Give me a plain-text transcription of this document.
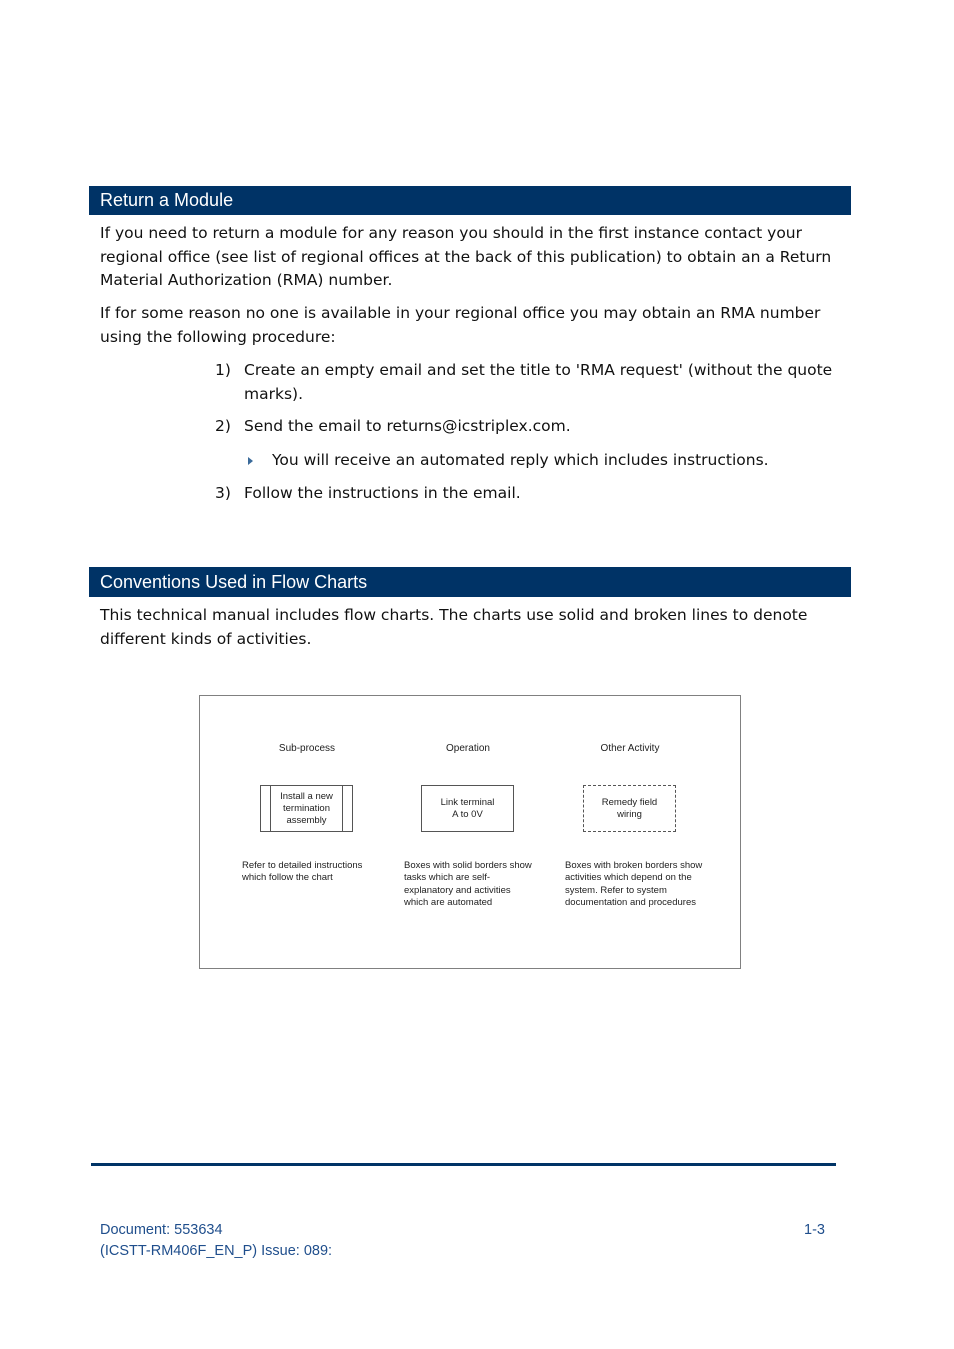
Return a Module

If you need to return a module for any reason you should in the first instance contact your regional office (see list of regional offices at the back of this publication) to obtain an a Return Material Authorization (RMA) number.

If for some reason no one is available in your regional office you may obtain an RMA number using the following procedure:

1) Create an empty email and set the title to 'RMA request' (without the quote
marks).
2) Send the email to returns@icstriplex.com.
You will receive an automated reply which includes instructions.
3) Follow the instructions in the email.
Conventions Used in Flow Charts

This technical manual includes flow charts. The charts use solid and broken lines to denote different kinds of activities.

Sub-process
Install a new
termination
assembly
Refer to detailed instructions
which follow the chart
Operation
Link terminal
A to 0V
Boxes with solid borders show
tasks which are self-
explanatory and activities
which are automated
Other Activity
Remedy field
wiring
Boxes with broken borders show
activities which depend on the
system. Refer to system
documentation and procedures
Document: 553634
(ICSTT-RM406F_EN_P) Issue: 089:
1-3
